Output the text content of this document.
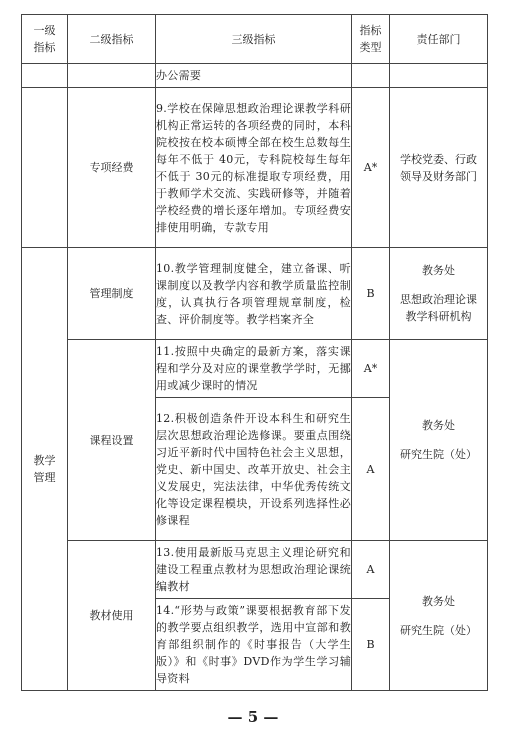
一级指标	二级指标	三级指标	指标类型	责任部门
		办公需要		
	专项经费	9.学校在保障思想政治理论课教学科研机构正常运转的各项经费的同时，本科院校按在校本硕博全部在校生总数每生每年不低于 40元，专科院校每生每年不低于 30元的标准提取专项经费，用于教师学术交流、实践研修等，并随着学校经费的增长逐年增加。专项经费安排使用明确，专款专用	A*	学校党委、行政
领导及财务部门

教学管理	管理制度	10.教学管理制度健全，建立备课、听课制度以及教学内容和教学质量监控制度，认真执行各项管理规章制度，检查、评价制度等。教学档案齐全	B	教务处
思想政治理论课
教学科研机构

	课程设置	11.按照中央确定的最新方案，落实课程和学分及对应的课堂教学学时，无挪用或减少课时的情况	A*	教务处
研究生院（处）

		12.积极创造条件开设本科生和研究生层次思想政治理论选修课。要重点围绕习近平新时代中国特色社会主义思想，党史、新中国史、改革开放史、社会主义发展史，宪法法律，中华优秀传统文化等设定课程模块，开设系列选择性必修课程	A	
	教材使用	13.使用最新版马克思主义理论研究和建设工程重点教材为思想政治理论课统编教材	A	教务处
研究生院（处）

		14.“形势与政策”课要根据教育部下发的教学要点组织教学，选用中宣部和教育部组织制作的《时事报告（大学生版）》和《时事》DVD作为学生学习辅导资料	B	
— 5 —
